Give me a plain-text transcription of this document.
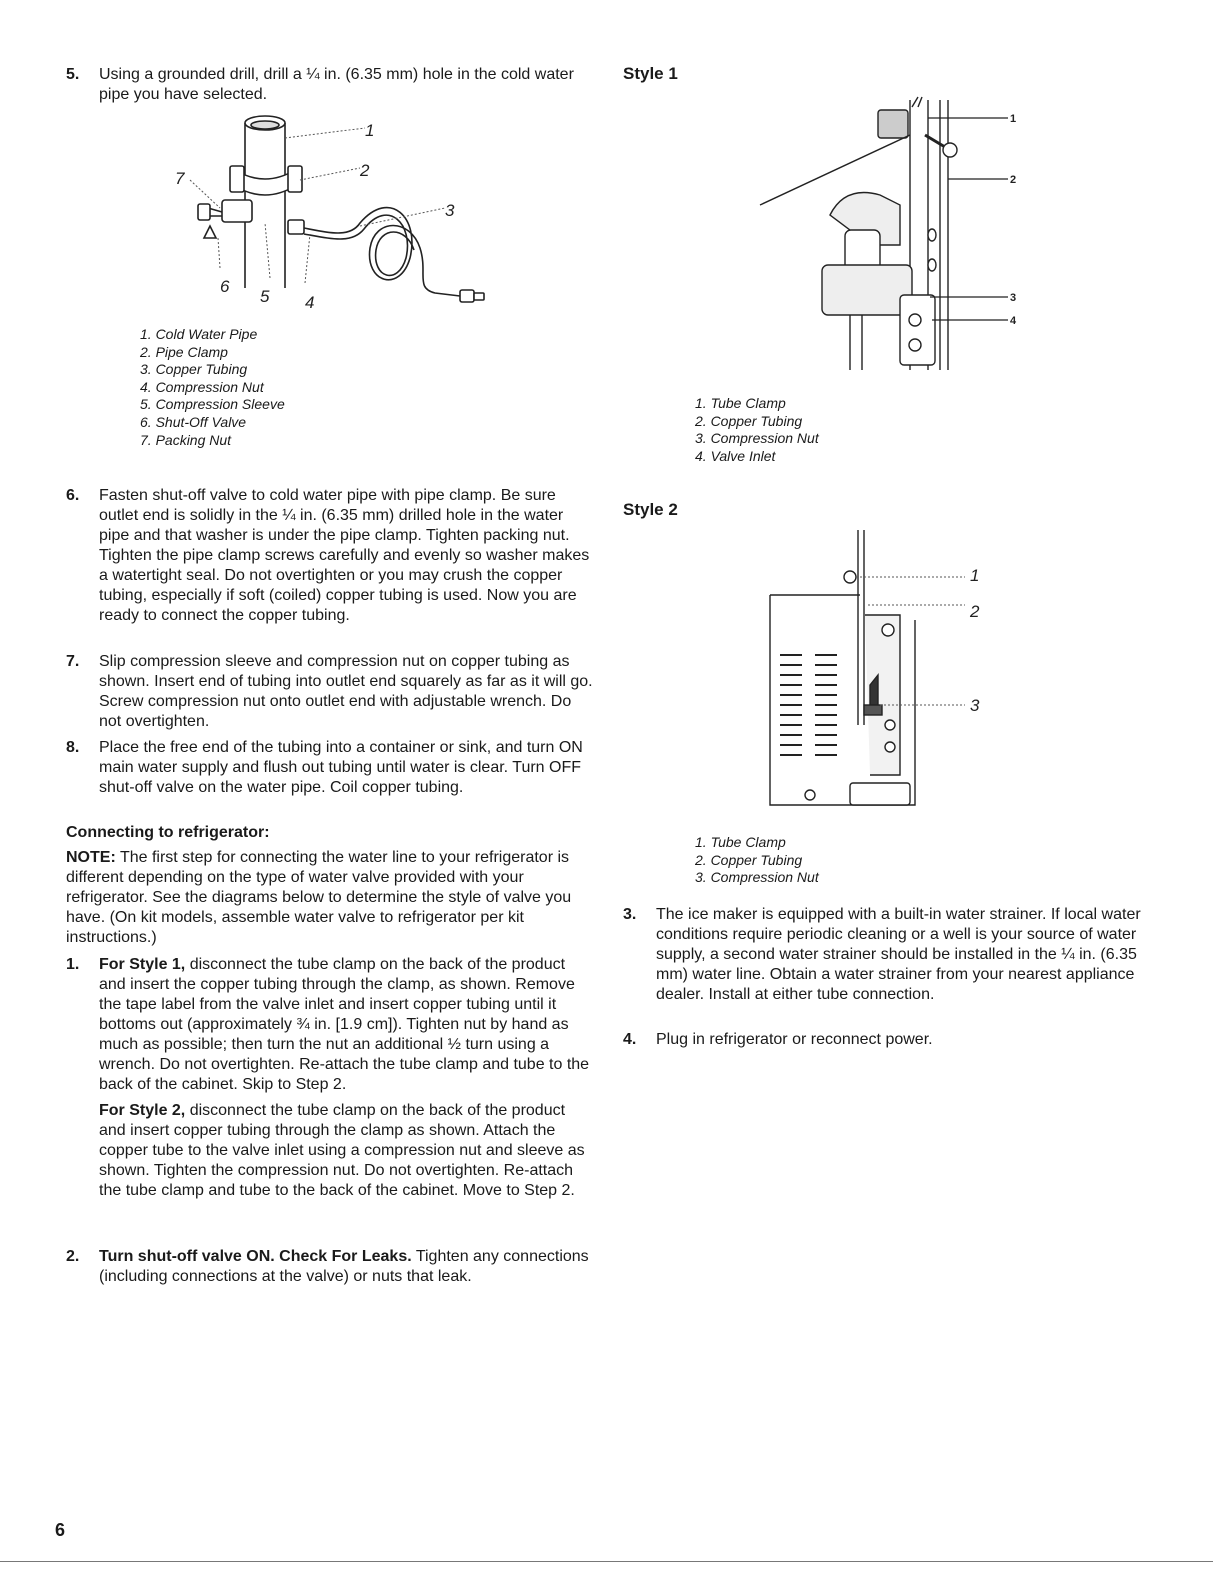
5. Using a grounded drill, drill a ¼ in. (6.35 mm) hole in the cold water pipe you have selected.
1
2
3
4
5
6
7
1. Cold Water Pipe
2. Pipe Clamp
3. Copper Tubing
4. Compression Nut
5. Compression Sleeve
6. Shut-Off Valve
7. Packing Nut
6. Fasten shut-off valve to cold water pipe with pipe clamp. Be sure outlet end is solidly in the ¼ in. (6.35 mm) drilled hole in the water pipe and that washer is under the pipe clamp. Tighten packing nut. Tighten the pipe clamp screws carefully and evenly so washer makes a watertight seal. Do not overtighten or you may crush the copper tubing, especially if soft (coiled) copper tubing is used. Now you are ready to connect the copper tubing.
7. Slip compression sleeve and compression nut on copper tubing as shown. Insert end of tubing into outlet end squarely as far as it will go. Screw compression nut onto outlet end with adjustable wrench. Do not overtighten.
8. Place the free end of the tubing into a container or sink, and turn ON main water supply and flush out tubing until water is clear. Turn OFF shut-off valve on the water pipe. Coil copper tubing.
Connecting to refrigerator:
NOTE: The first step for connecting the water line to your refrigerator is different depending on the type of water valve provided with your refrigerator. See the diagrams below to determine the style of valve you have. (On kit models, assemble water valve to refrigerator per kit instructions.)
1. For Style 1, disconnect the tube clamp on the back of the product and insert the copper tubing through the clamp, as shown. Remove the tape label from the valve inlet and insert copper tubing until it bottoms out (approximately ¾ in. [1.9 cm]). Tighten nut by hand as much as possible; then turn the nut an additional ½ turn using a wrench. Do not overtighten. Re-attach the tube clamp and tube to the back of the cabinet. Skip to Step 2.
For Style 2, disconnect the tube clamp on the back of the product and insert copper tubing through the clamp as shown. Attach the copper tube to the valve inlet using a compression nut and sleeve as shown. Tighten the compression nut. Do not overtighten. Re-attach the tube clamp and tube to the back of the cabinet. Move to Step 2.
2. Turn shut-off valve ON. Check For Leaks. Tighten any connections (including connections at the valve) or nuts that leak.
Style 1
1
2
3
4
1. Tube Clamp
2. Copper Tubing
3. Compression Nut
4. Valve Inlet
Style 2
1
2
3
1. Tube Clamp
2. Copper Tubing
3. Compression Nut
3. The ice maker is equipped with a built-in water strainer. If local water conditions require periodic cleaning or a well is your source of water supply, a second water strainer should be installed in the ¼ in. (6.35 mm) water line. Obtain a water strainer from your nearest appliance dealer. Install at either tube connection.
4. Plug in refrigerator or reconnect power.
6
